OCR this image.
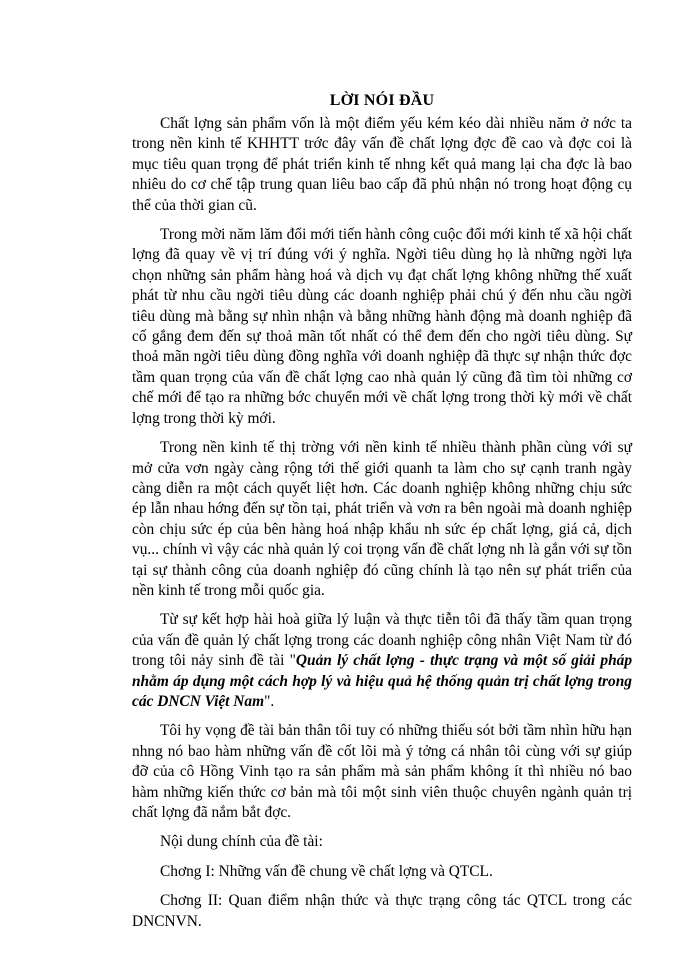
LỜI NÓI ĐẦU

Chất lợng sản phẩm vốn là một điểm yếu kém kéo dài nhiều năm ở nớc ta trong nền kinh tế KHHTT trớc đây vấn đề chất lợng đợc đề cao và đợc coi là mục tiêu quan trọng để phát triển kinh tế nhng kết quả mang lại cha đợc là bao nhiêu do cơ chế tập trung quan liêu bao cấp đã phủ nhận nó trong hoạt động cụ thể của thời gian cũ.

Trong mời năm lăm đổi mới tiến hành công cuộc đổi mới kinh tế xã hội chất lợng đã quay về vị trí đúng với ý nghĩa. Ngời tiêu dùng họ là những ngời lựa chọn những sản phẩm hàng hoá và dịch vụ đạt chất lợng không những thế xuất phát từ nhu cầu ngời tiêu dùng các doanh nghiệp phải chú ý đến nhu cầu ngời tiêu dùng mà bằng sự nhìn nhận và bằng những hành động mà doanh nghiệp đã cố gắng đem đến sự thoả mãn tốt nhất có thể đem đến cho ngời tiêu dùng. Sự thoả mãn ngời tiêu dùng đồng nghĩa với doanh nghiệp đã thực sự nhận thức đợc tầm quan trọng của vấn đề chất lợng cao nhà quản lý cũng đã tìm tòi những cơ chế mới để tạo ra những bớc chuyển mới về chất lợng trong thời kỳ mới về chất lợng trong thời kỳ mới.

Trong nền kinh tế thị trờng với nền kinh tế nhiều thành phần cùng với sự mở cửa vơn ngày càng rộng tới thế giới quanh ta làm cho sự cạnh tranh ngày càng diễn ra một cách quyết liệt hơn. Các doanh nghiệp không những chịu sức ép lẫn nhau hớng đến sự tồn tại, phát triển và vơn ra bên ngoài mà doanh nghiệp còn chịu sức ép của bên hàng hoá nhập khẩu nh sức ép chất lợng, giá cả, dịch vụ... chính vì vậy các nhà quản lý coi trọng vấn đề chất lợng nh là gắn với sự tồn tại sự thành công của doanh nghiệp đó cũng chính là tạo nên sự phát triển của nền kinh tế trong mỗi quốc gia.

Từ sự kết hợp hài hoà giữa lý luận và thực tiễn tôi đã thấy tầm quan trọng của vấn đề quản lý chất lợng trong các doanh nghiệp công nhân Việt Nam từ đó trong tôi nảy sinh đề tài "Quản lý chất lợng - thực trạng và một số giải pháp nhằm áp dụng một cách hợp lý và hiệu quả hệ thống quản trị chất lợng trong các DNCN Việt Nam".

Tôi hy vọng đề tài bản thân tôi tuy có những thiếu sót bởi tầm nhìn hữu hạn nhng nó bao hàm những vấn đề cốt lõi mà ý tởng cá nhân tôi cùng với sự giúp đỡ của cô Hồng Vinh tạo ra sản phẩm mà sản phẩm không ít thì nhiều nó bao hàm những kiến thức cơ bản mà tôi một sinh viên thuộc chuyên ngành quản trị chất lợng đã nắm bắt đợc.

Nội dung chính của đề tài:

Chơng I: Những vấn đề chung về chất lợng và QTCL.

Chơng II: Quan điểm nhận thức và thực trạng công tác QTCL trong các DNCNVN.
